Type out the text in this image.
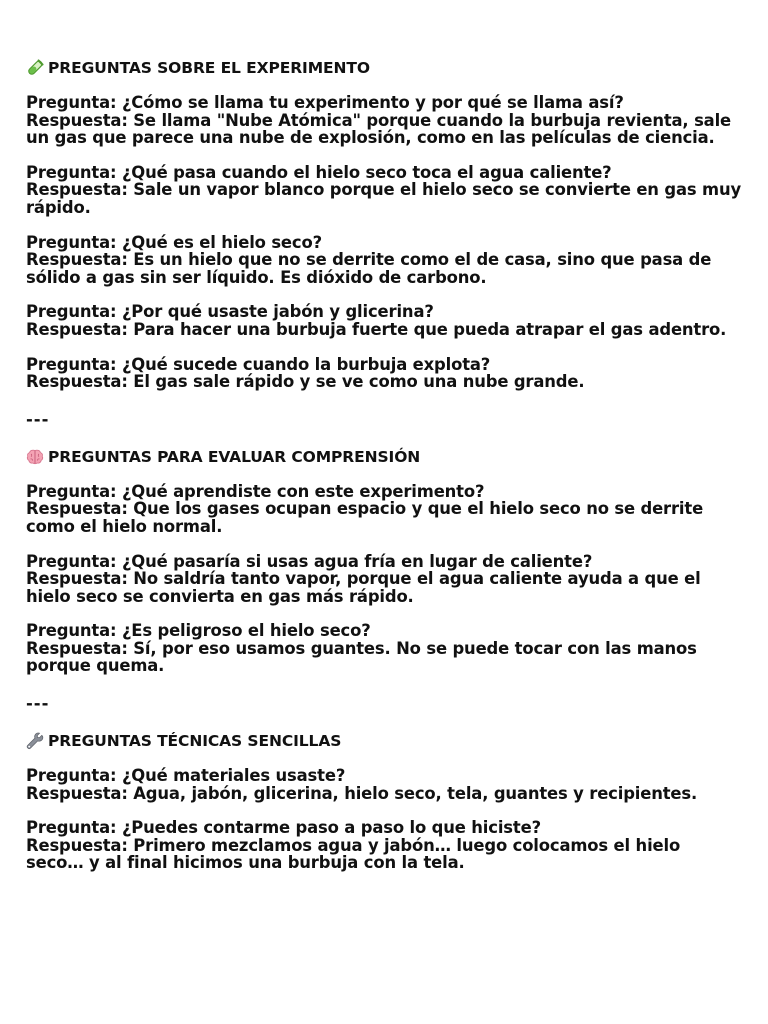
PREGUNTAS SOBRE EL EXPERIMENTO

Pregunta: ¿Cómo se llama tu experimento y por qué se llama así?

Respuesta: Se llama "Nube Atómica" porque cuando la burbuja revienta, sale un gas que parece una nube de explosión, como en las películas de ciencia.

Pregunta: ¿Qué pasa cuando el hielo seco toca el agua caliente?

Respuesta: Sale un vapor blanco porque el hielo seco se convierte en gas muy rápido.

Pregunta: ¿Qué es el hielo seco?

Respuesta: Es un hielo que no se derrite como el de casa, sino que pasa de sólido a gas sin ser líquido. Es dióxido de carbono.

Pregunta: ¿Por qué usaste jabón y glicerina?

Respuesta: Para hacer una burbuja fuerte que pueda atrapar el gas adentro.

Pregunta: ¿Qué sucede cuando la burbuja explota?

Respuesta: El gas sale rápido y se ve como una nube grande.

---
PREGUNTAS PARA EVALUAR COMPRENSIÓN

Pregunta: ¿Qué aprendiste con este experimento?

Respuesta: Que los gases ocupan espacio y que el hielo seco no se derrite como el hielo normal.

Pregunta: ¿Qué pasaría si usas agua fría en lugar de caliente?

Respuesta: No saldría tanto vapor, porque el agua caliente ayuda a que el hielo seco se convierta en gas más rápido.

Pregunta: ¿Es peligroso el hielo seco?

Respuesta: Sí, por eso usamos guantes. No se puede tocar con las manos porque quema.

---
PREGUNTAS TÉCNICAS SENCILLAS

Pregunta: ¿Qué materiales usaste?

Respuesta: Agua, jabón, glicerina, hielo seco, tela, guantes y recipientes.

Pregunta: ¿Puedes contarme paso a paso lo que hiciste?

Respuesta: Primero mezclamos agua y jabón… luego colocamos el hielo seco… y al final hicimos una burbuja con la tela.
